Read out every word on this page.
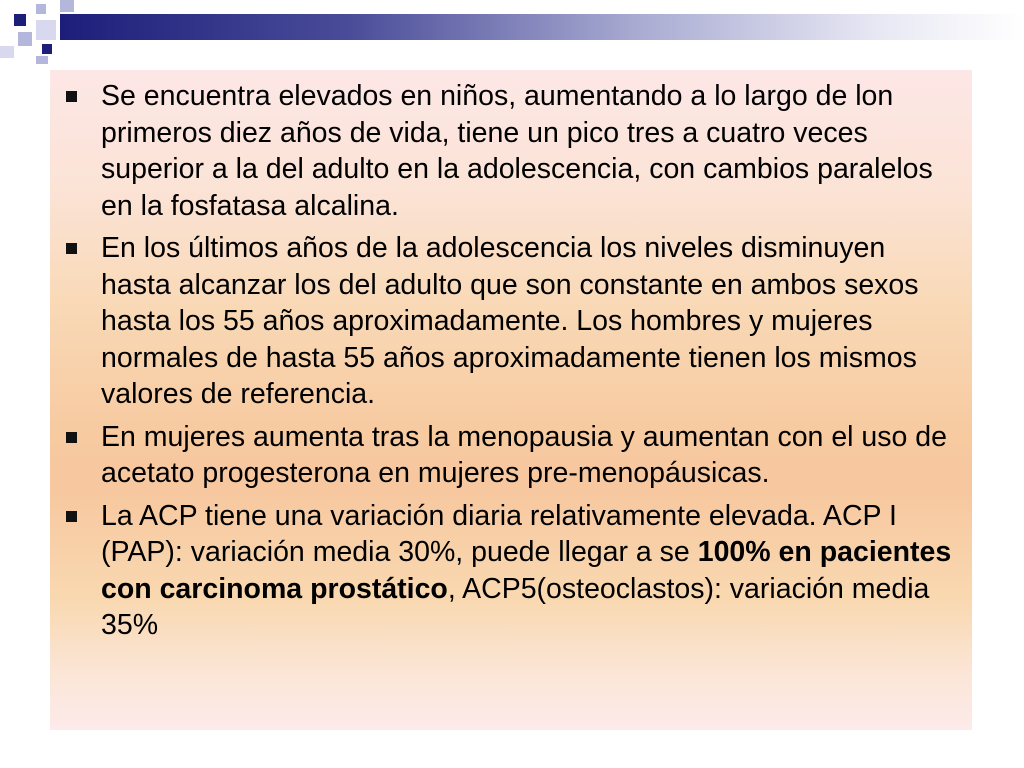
Se encuentra elevados en niños, aumentando a lo largo de lon primeros diez años de vida, tiene un pico tres a cuatro veces superior a la del adulto en la adolescencia, con cambios paralelos en la fosfatasa alcalina.
En los últimos años de la adolescencia los niveles disminuyen hasta alcanzar los del adulto que son constante en ambos sexos hasta los 55 años aproximadamente. Los hombres y mujeres normales de hasta 55 años aproximadamente tienen los mismos valores de referencia.
En mujeres aumenta tras la menopausia y aumentan con el uso de acetato progesterona en mujeres pre-menopáusicas.
La ACP tiene una variación diaria relativamente elevada. ACP I (PAP): variación media 30%, puede llegar a se 100% en pacientes con carcinoma prostático, ACP5(osteoclastos): variación media 35%
